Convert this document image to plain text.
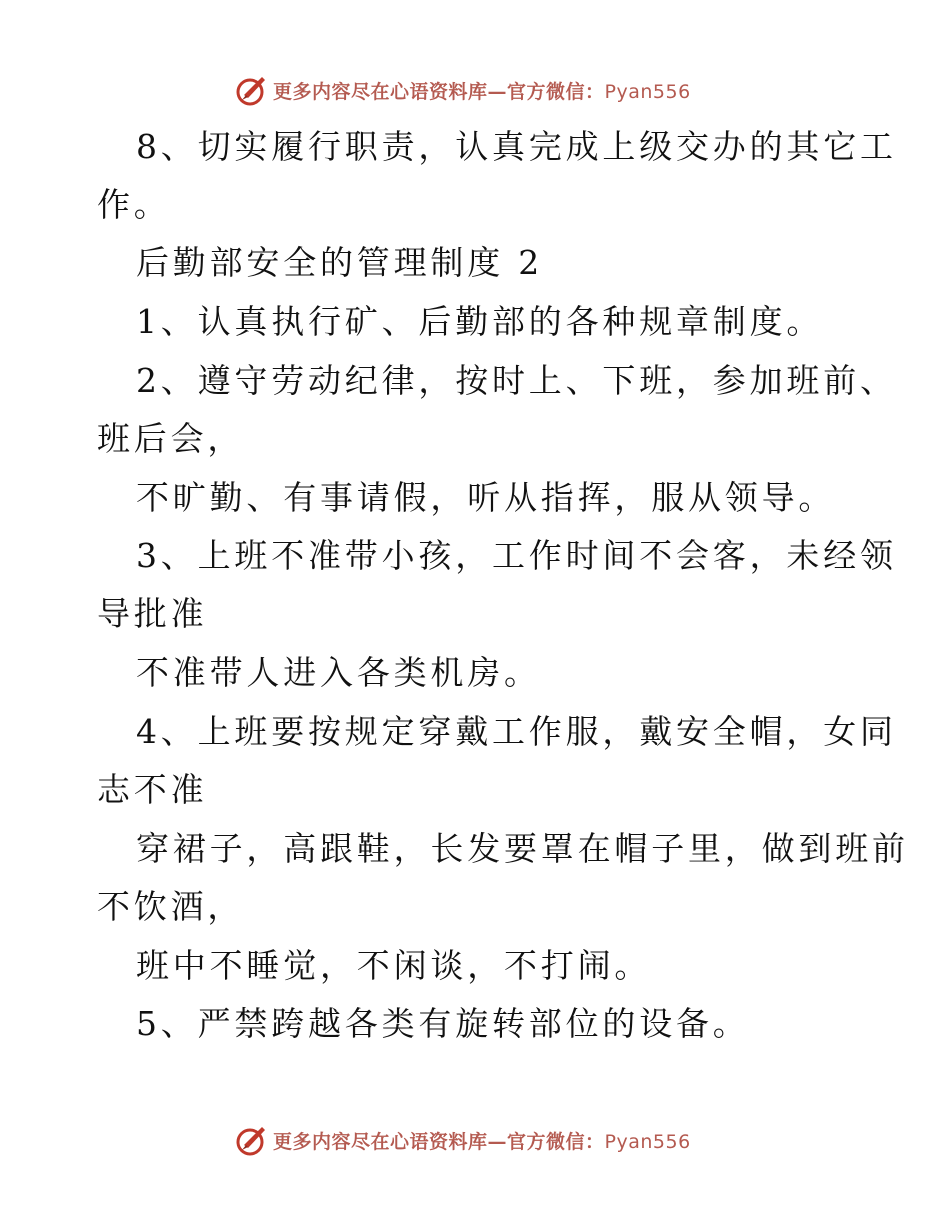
更多内容尽在心语资料库—官方微信：Pyan556
8、切实履行职责，认真完成上级交办的其它工
作。
后勤部安全的管理制度 2
1、认真执行矿、后勤部的各种规章制度。
2、遵守劳动纪律，按时上、下班，参加班前、
班后会，
不旷勤、有事请假，听从指挥，服从领导。
3、上班不准带小孩，工作时间不会客，未经领
导批准
不准带人进入各类机房。
4、上班要按规定穿戴工作服，戴安全帽，女同
志不准
穿裙子，高跟鞋，长发要罩在帽子里，做到班前
不饮酒，
班中不睡觉，不闲谈，不打闹。
5、严禁跨越各类有旋转部位的设备。
更多内容尽在心语资料库—官方微信：Pyan556
